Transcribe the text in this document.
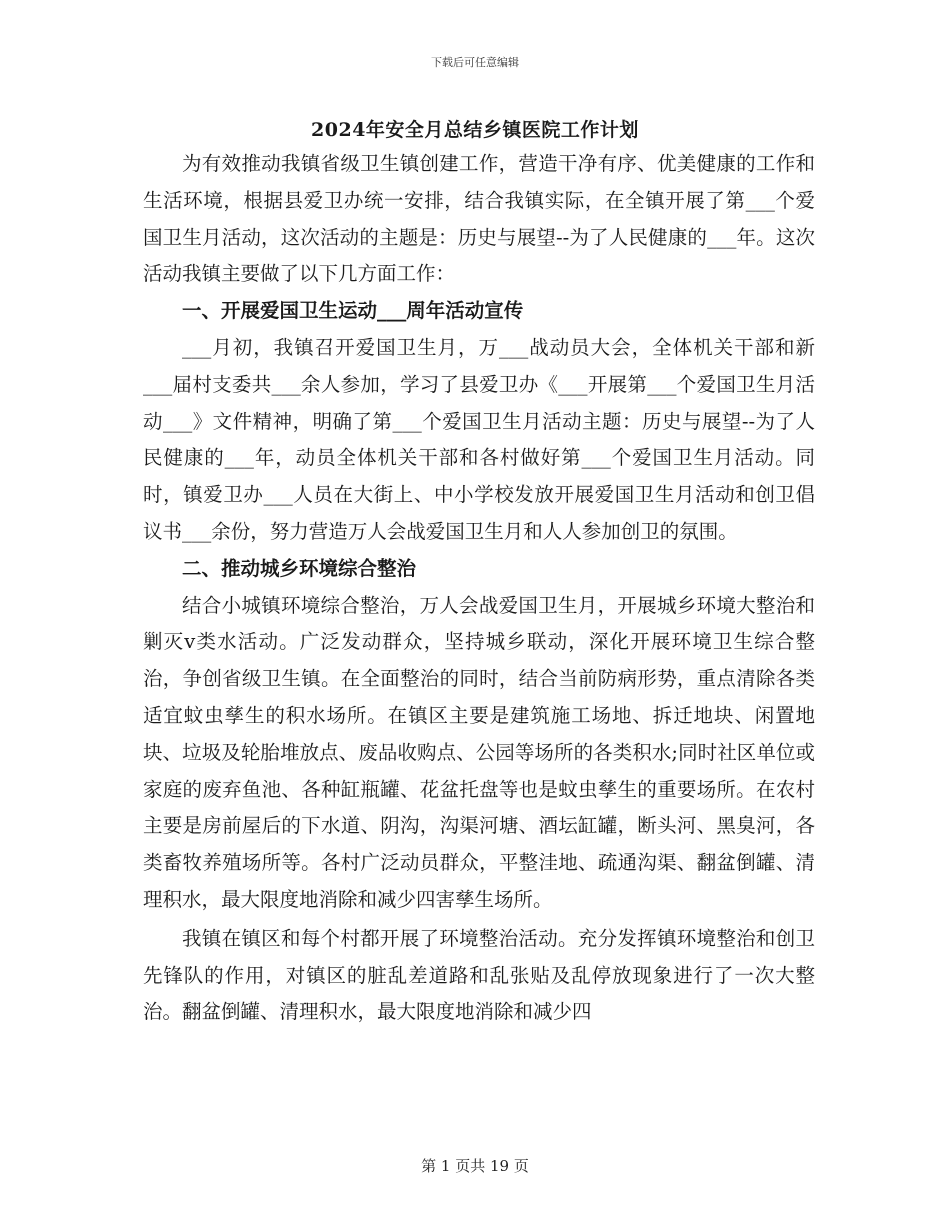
下载后可任意编辑
2024年安全月总结乡镇医院工作计划

为有效推动我镇省级卫生镇创建工作，营造干净有序、优美健康的工作和生活环境，根据县爱卫办统一安排，结合我镇实际，在全镇开展了第___个爱国卫生月活动，这次活动的主题是：历史与展望--为了人民健康的___年。这次活动我镇主要做了以下几方面工作：

一、开展爱国卫生运动___周年活动宣传

___月初，我镇召开爱国卫生月，万___战动员大会，全体机关干部和新___届村支委共___余人参加，学习了县爱卫办《___开展第___个爱国卫生月活动___》文件精神，明确了第___个爱国卫生月活动主题：历史与展望--为了人民健康的___年，动员全体机关干部和各村做好第___个爱国卫生月活动。同时，镇爱卫办___人员在大街上、中小学校发放开展爱国卫生月活动和创卫倡议书___余份，努力营造万人会战爱国卫生月和人人参加创卫的氛围。

二、推动城乡环境综合整治

结合小城镇环境综合整治，万人会战爱国卫生月，开展城乡环境大整治和剿灭v类水活动。广泛发动群众，坚持城乡联动，深化开展环境卫生综合整治，争创省级卫生镇。在全面整治的同时，结合当前防病形势，重点清除各类适宜蚊虫孳生的积水场所。在镇区主要是建筑施工场地、拆迁地块、闲置地块、垃圾及轮胎堆放点、废品收购点、公园等场所的各类积水;同时社区单位或家庭的废弃鱼池、各种缸瓶罐、花盆托盘等也是蚊虫孳生的重要场所。在农村主要是房前屋后的下水道、阴沟，沟渠河塘、酒坛缸罐，断头河、黑臭河，各类畜牧养殖场所等。各村广泛动员群众，平整洼地、疏通沟渠、翻盆倒罐、清理积水，最大限度地消除和减少四害孳生场所。

我镇在镇区和每个村都开展了环境整治活动。充分发挥镇环境整治和创卫先锋队的作用，对镇区的脏乱差道路和乱张贴及乱停放现象进行了一次大整治。翻盆倒罐、清理积水，最大限度地消除和减少四

第 1 页共 19 页
